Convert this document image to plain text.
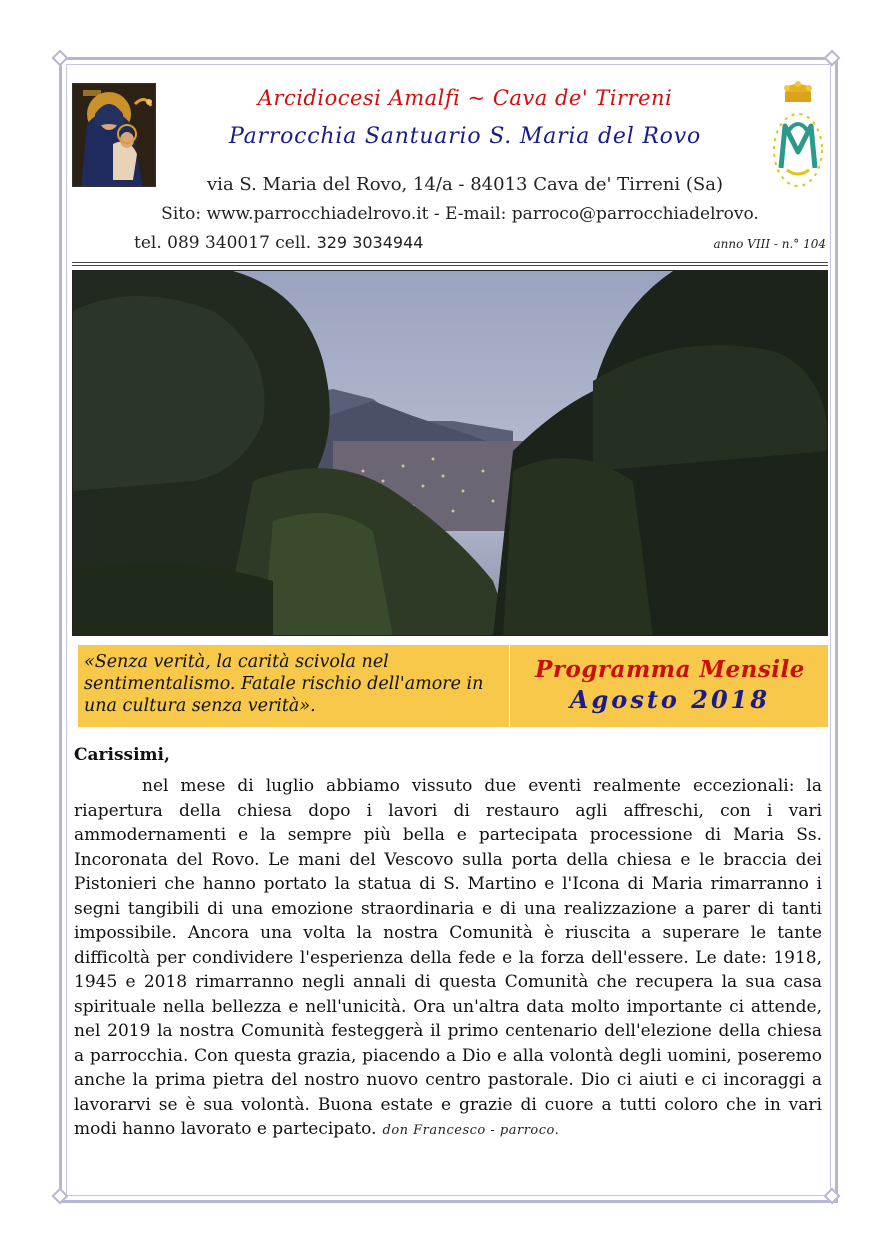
Arcidiocesi Amalfi ~ Cava de' Tirreni
Parrocchia Santuario S. Maria del Rovo
via S. Maria del Rovo, 14/a - 84013 Cava de' Tirreni (Sa)
Sito: www.parrocchiadelrovo.it - E-mail: parroco@parrocchiadelrovo.
tel. 089 340017 cell. 329 3034944	anno VIII - n.° 104
«Senza verità, la carità scivola nel sentimentalismo. Fatale rischio dell'amore in una cultura senza verità».
Programma Mensile
Agosto 2018
Carissimi,
nel mese di luglio abbiamo vissuto due eventi realmente eccezionali: la riapertura della chiesa dopo i lavori di restauro agli affreschi, con i vari ammodernamenti e la sempre più bella e partecipata processione di Maria Ss. Incoronata del Rovo. Le mani del Vescovo sulla porta della chiesa e le braccia dei Pistonieri che hanno portato la statua di S. Martino e l'Icona di Maria rimarranno i segni tangibili di una emozione straordinaria e di una realizzazione a parer di tanti impossibile. Ancora una volta la nostra Comunità è riuscita a superare le tante difficoltà per condividere l'esperienza della fede e la forza dell'essere. Le date: 1918, 1945 e 2018 rimarranno negli annali di questa Comunità che recupera la sua casa spirituale nella bellezza e nell'unicità. Ora un'altra data molto importante ci attende, nel 2019 la nostra Comunità festeggerà il primo centenario dell'elezione della chiesa a parrocchia. Con questa grazia, piacendo a Dio e alla volontà degli uomini, poseremo anche la prima pietra del nostro nuovo centro pastorale. Dio ci aiuti e ci incoraggi a lavorarvi se è sua volontà. Buona estate e grazie di cuore a tutti coloro che in vari modi hanno lavorato e partecipato. don Francesco - parroco.
